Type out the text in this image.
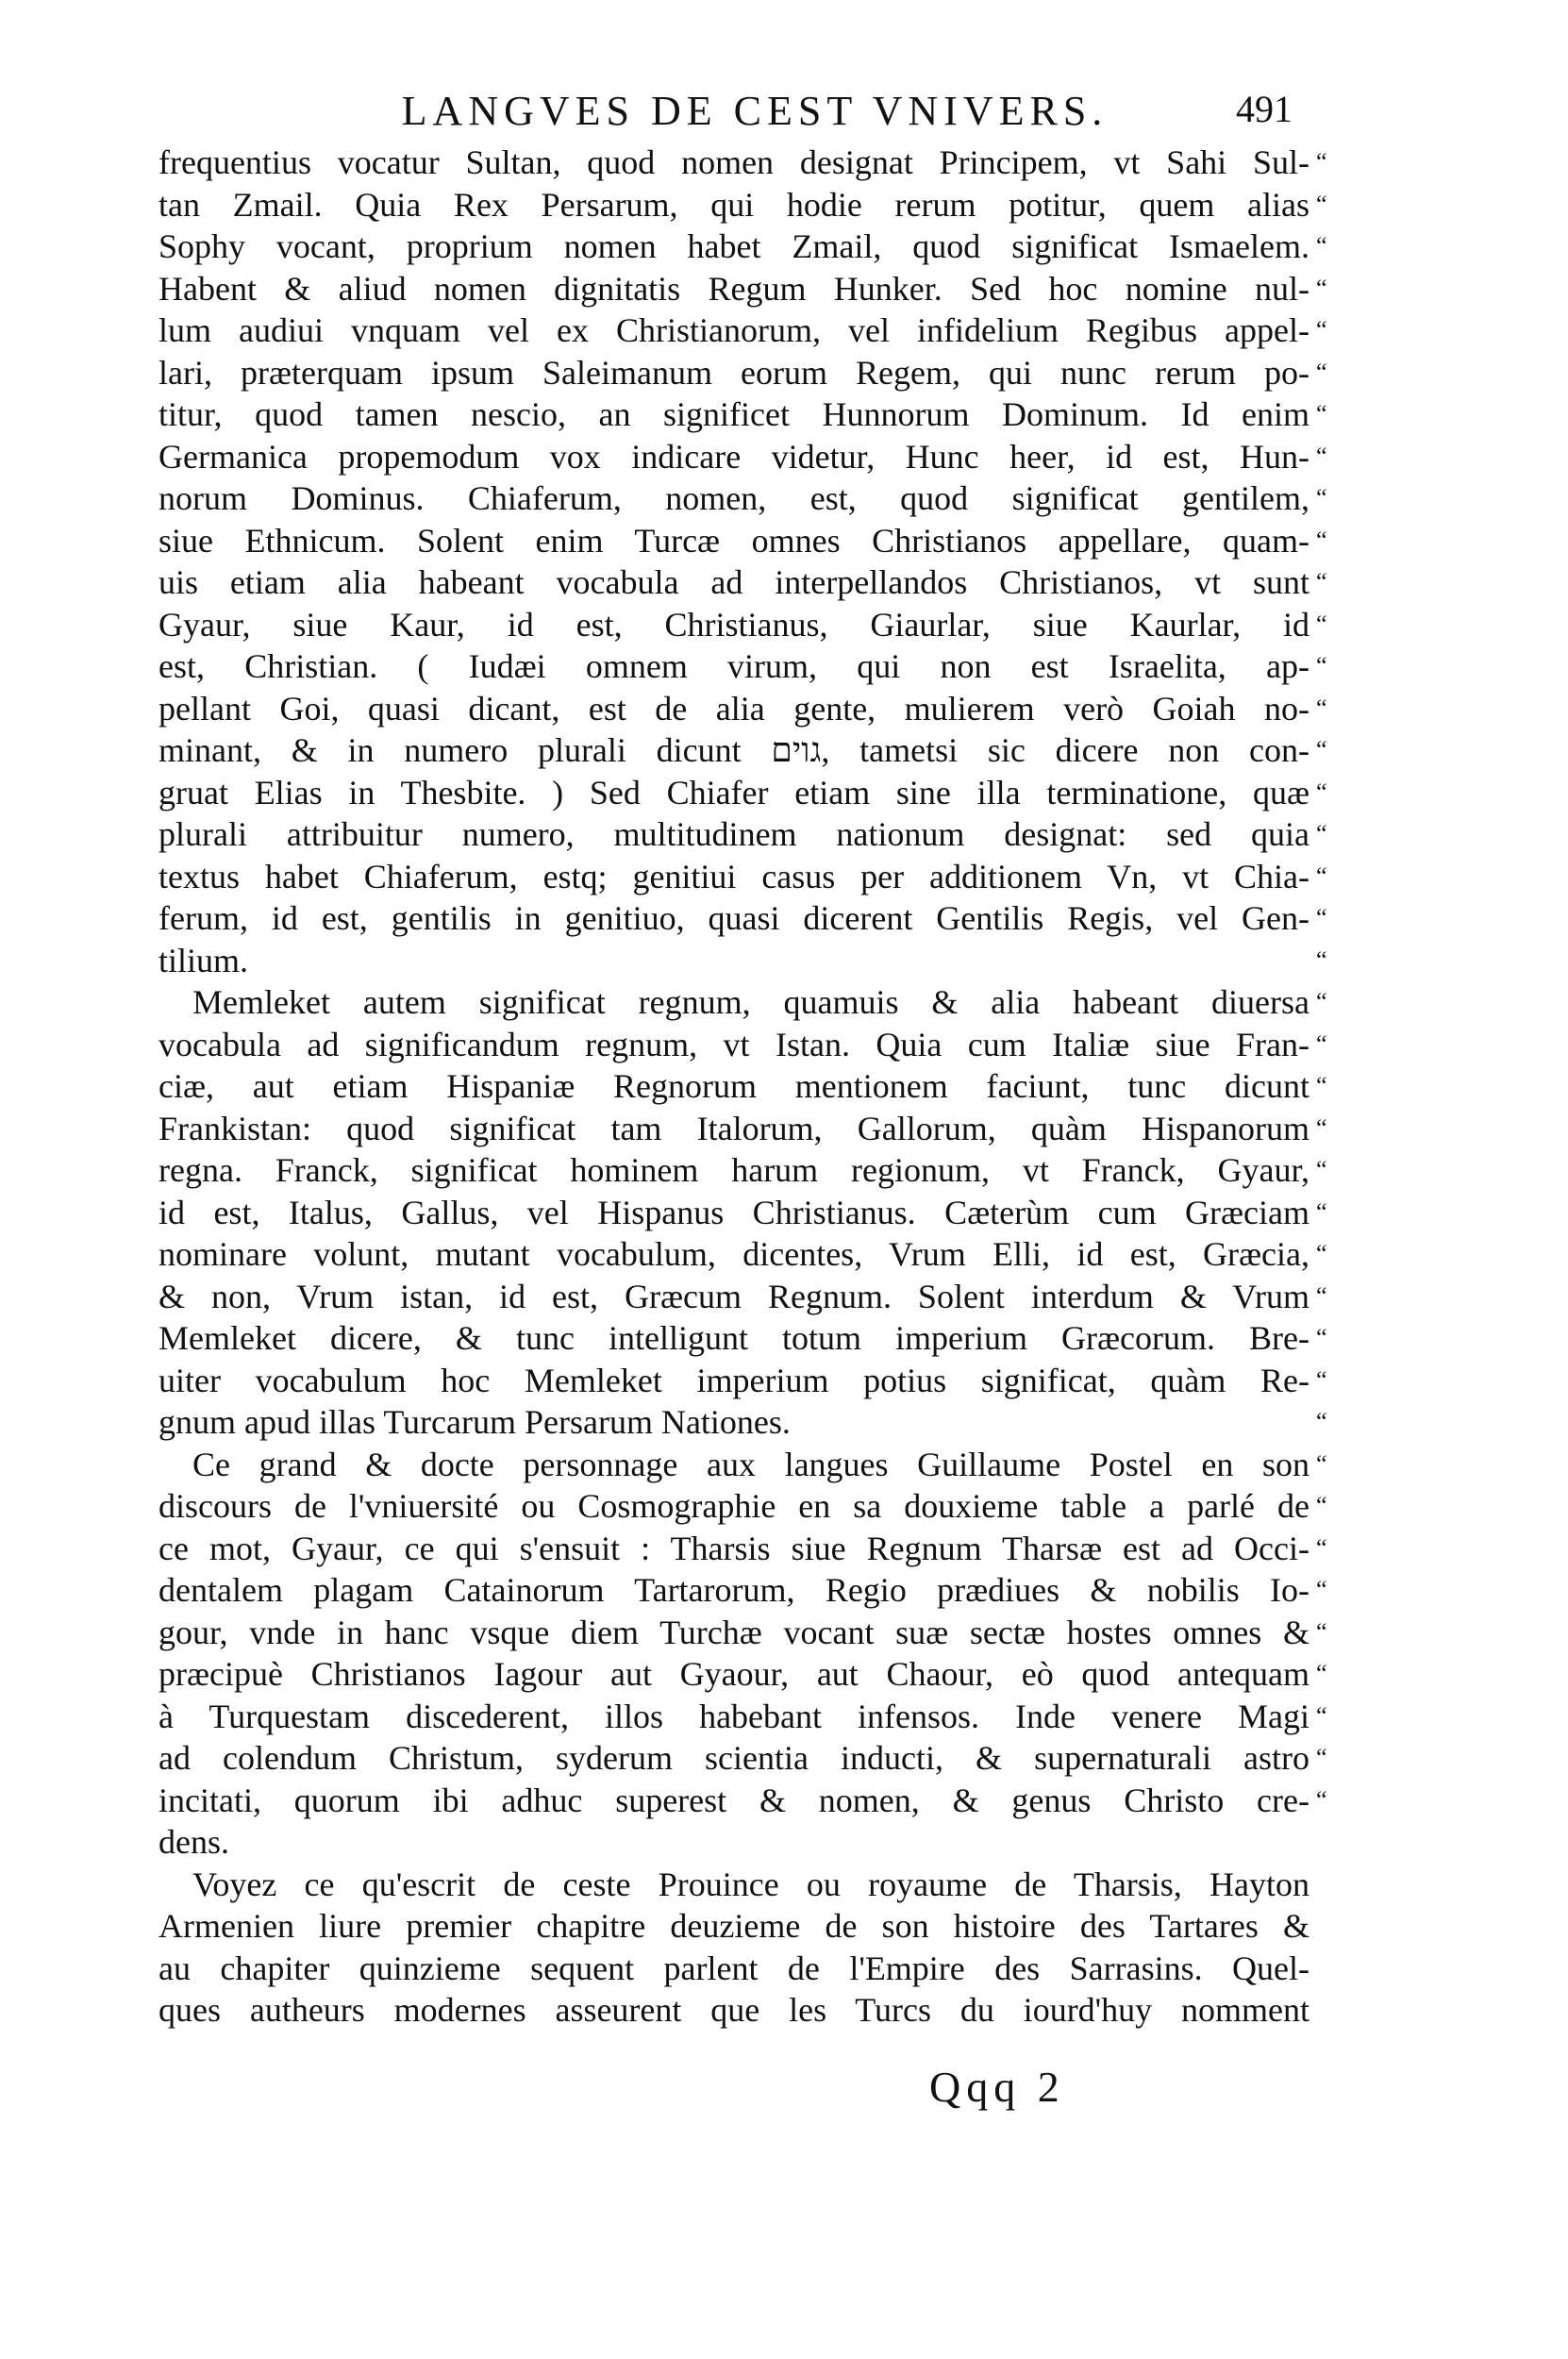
LANGVES DE CEST VNIVERS.	491
frequentius vocatur Sultan, quod nomen designat Principem, vt Sahi Sul-
tan Zmail. Quia Rex Persarum, qui hodie rerum potitur, quem alias
Sophy vocant, proprium nomen habet Zmail, quod significat Ismaelem.
Habent & aliud nomen dignitatis Regum Hunker. Sed hoc nomine nul-
lum audiui vnquam vel ex Christianorum, vel infidelium Regibus appel-
lari, prӕterquam ipsum Saleimanum eorum Regem, qui nunc rerum po-
titur, quod tamen nescio, an significet Hunnorum Dominum. Id enim
Germanica propemodum vox indicare videtur, Hunc heer, id est, Hun-
norum Dominus. Chiaferum, nomen, est, quod significat gentilem,
siue Ethnicum. Solent enim Turcӕ omnes Christianos appellare, quam-
uis etiam alia habeant vocabula ad interpellandos Christianos, vt sunt
Gyaur, siue Kaur, id est, Christianus, Giaurlar, siue Kaurlar, id
est, Christian. ( Iudӕi omnem virum, qui non est Israelita, ap-
pellant Goi, quasi dicant, est de alia gente, mulierem verò Goiah no-
minant, & in numero plurali dicunt גוים, tametsi sic dicere non con-
gruat Elias in Thesbite. ) Sed Chiafer etiam sine illa terminatione, quӕ
plurali attribuitur numero, multitudinem nationum designat: sed quia
textus habet Chiaferum, estq; genitiui casus per additionem Vn, vt Chia-
ferum, id est, gentilis in genitiuo, quasi dicerent Gentilis Regis, vel Gen-
tilium.
Memleket autem significat regnum, quamuis & alia habeant diuersa
vocabula ad significandum regnum, vt Istan. Quia cum Italiӕ siue Fran-
ciӕ, aut etiam Hispaniӕ Regnorum mentionem faciunt, tunc dicunt
Frankistan: quod significat tam Italorum, Gallorum, quàm Hispanorum
regna. Franck, significat hominem harum regionum, vt Franck, Gyaur,
id est, Italus, Gallus, vel Hispanus Christianus. Cӕterùm cum Grӕciam
nominare volunt, mutant vocabulum, dicentes, Vrum Elli, id est, Grӕcia,
& non, Vrum istan, id est, Grӕcum Regnum. Solent interdum & Vrum
Memleket dicere, & tunc intelligunt totum imperium Grӕcorum. Bre-
uiter vocabulum hoc Memleket imperium potius significat, quàm Re-
gnum apud illas Turcarum Persarum Nationes.
Ce grand & docte personnage aux langues Guillaume Postel en son
discours de l'vniuersité ou Cosmographie en sa douxieme table a parlé de
ce mot, Gyaur, ce qui s'ensuit : Tharsis siue Regnum Tharsӕ est ad Occi-
dentalem plagam Catainorum Tartarorum, Regio prӕdiues & nobilis Io-
gour, vnde in hanc vsque diem Turchӕ vocant suӕ sectӕ hostes omnes &
prӕcipuè Christianos Iagour aut Gyaour, aut Chaour, eò quod antequam
à Turquestam discederent, illos habebant infensos. Inde venere Magi
ad colendum Christum, syderum scientia inducti, & supernaturali astro
incitati, quorum ibi adhuc superest & nomen, & genus Christo cre-
dens.
Voyez ce qu'escrit de ceste Prouince ou royaume de Tharsis, Hayton
Armenien liure premier chapitre deuzieme de son histoire des Tartares &
au chapiter quinzieme sequent parlent de l'Empire des Sarrasins. Quel-
ques autheurs modernes asseurent que les Turcs du iourd'huy nomment
“
“
“
“
“
“
“
“
“
“
“
“
“
“
“
“
“
“
“
“
“
“
“
“
“
“
“
“
“
“
“
“
“
“
“
“
“
“
“
“
Qqq 2
